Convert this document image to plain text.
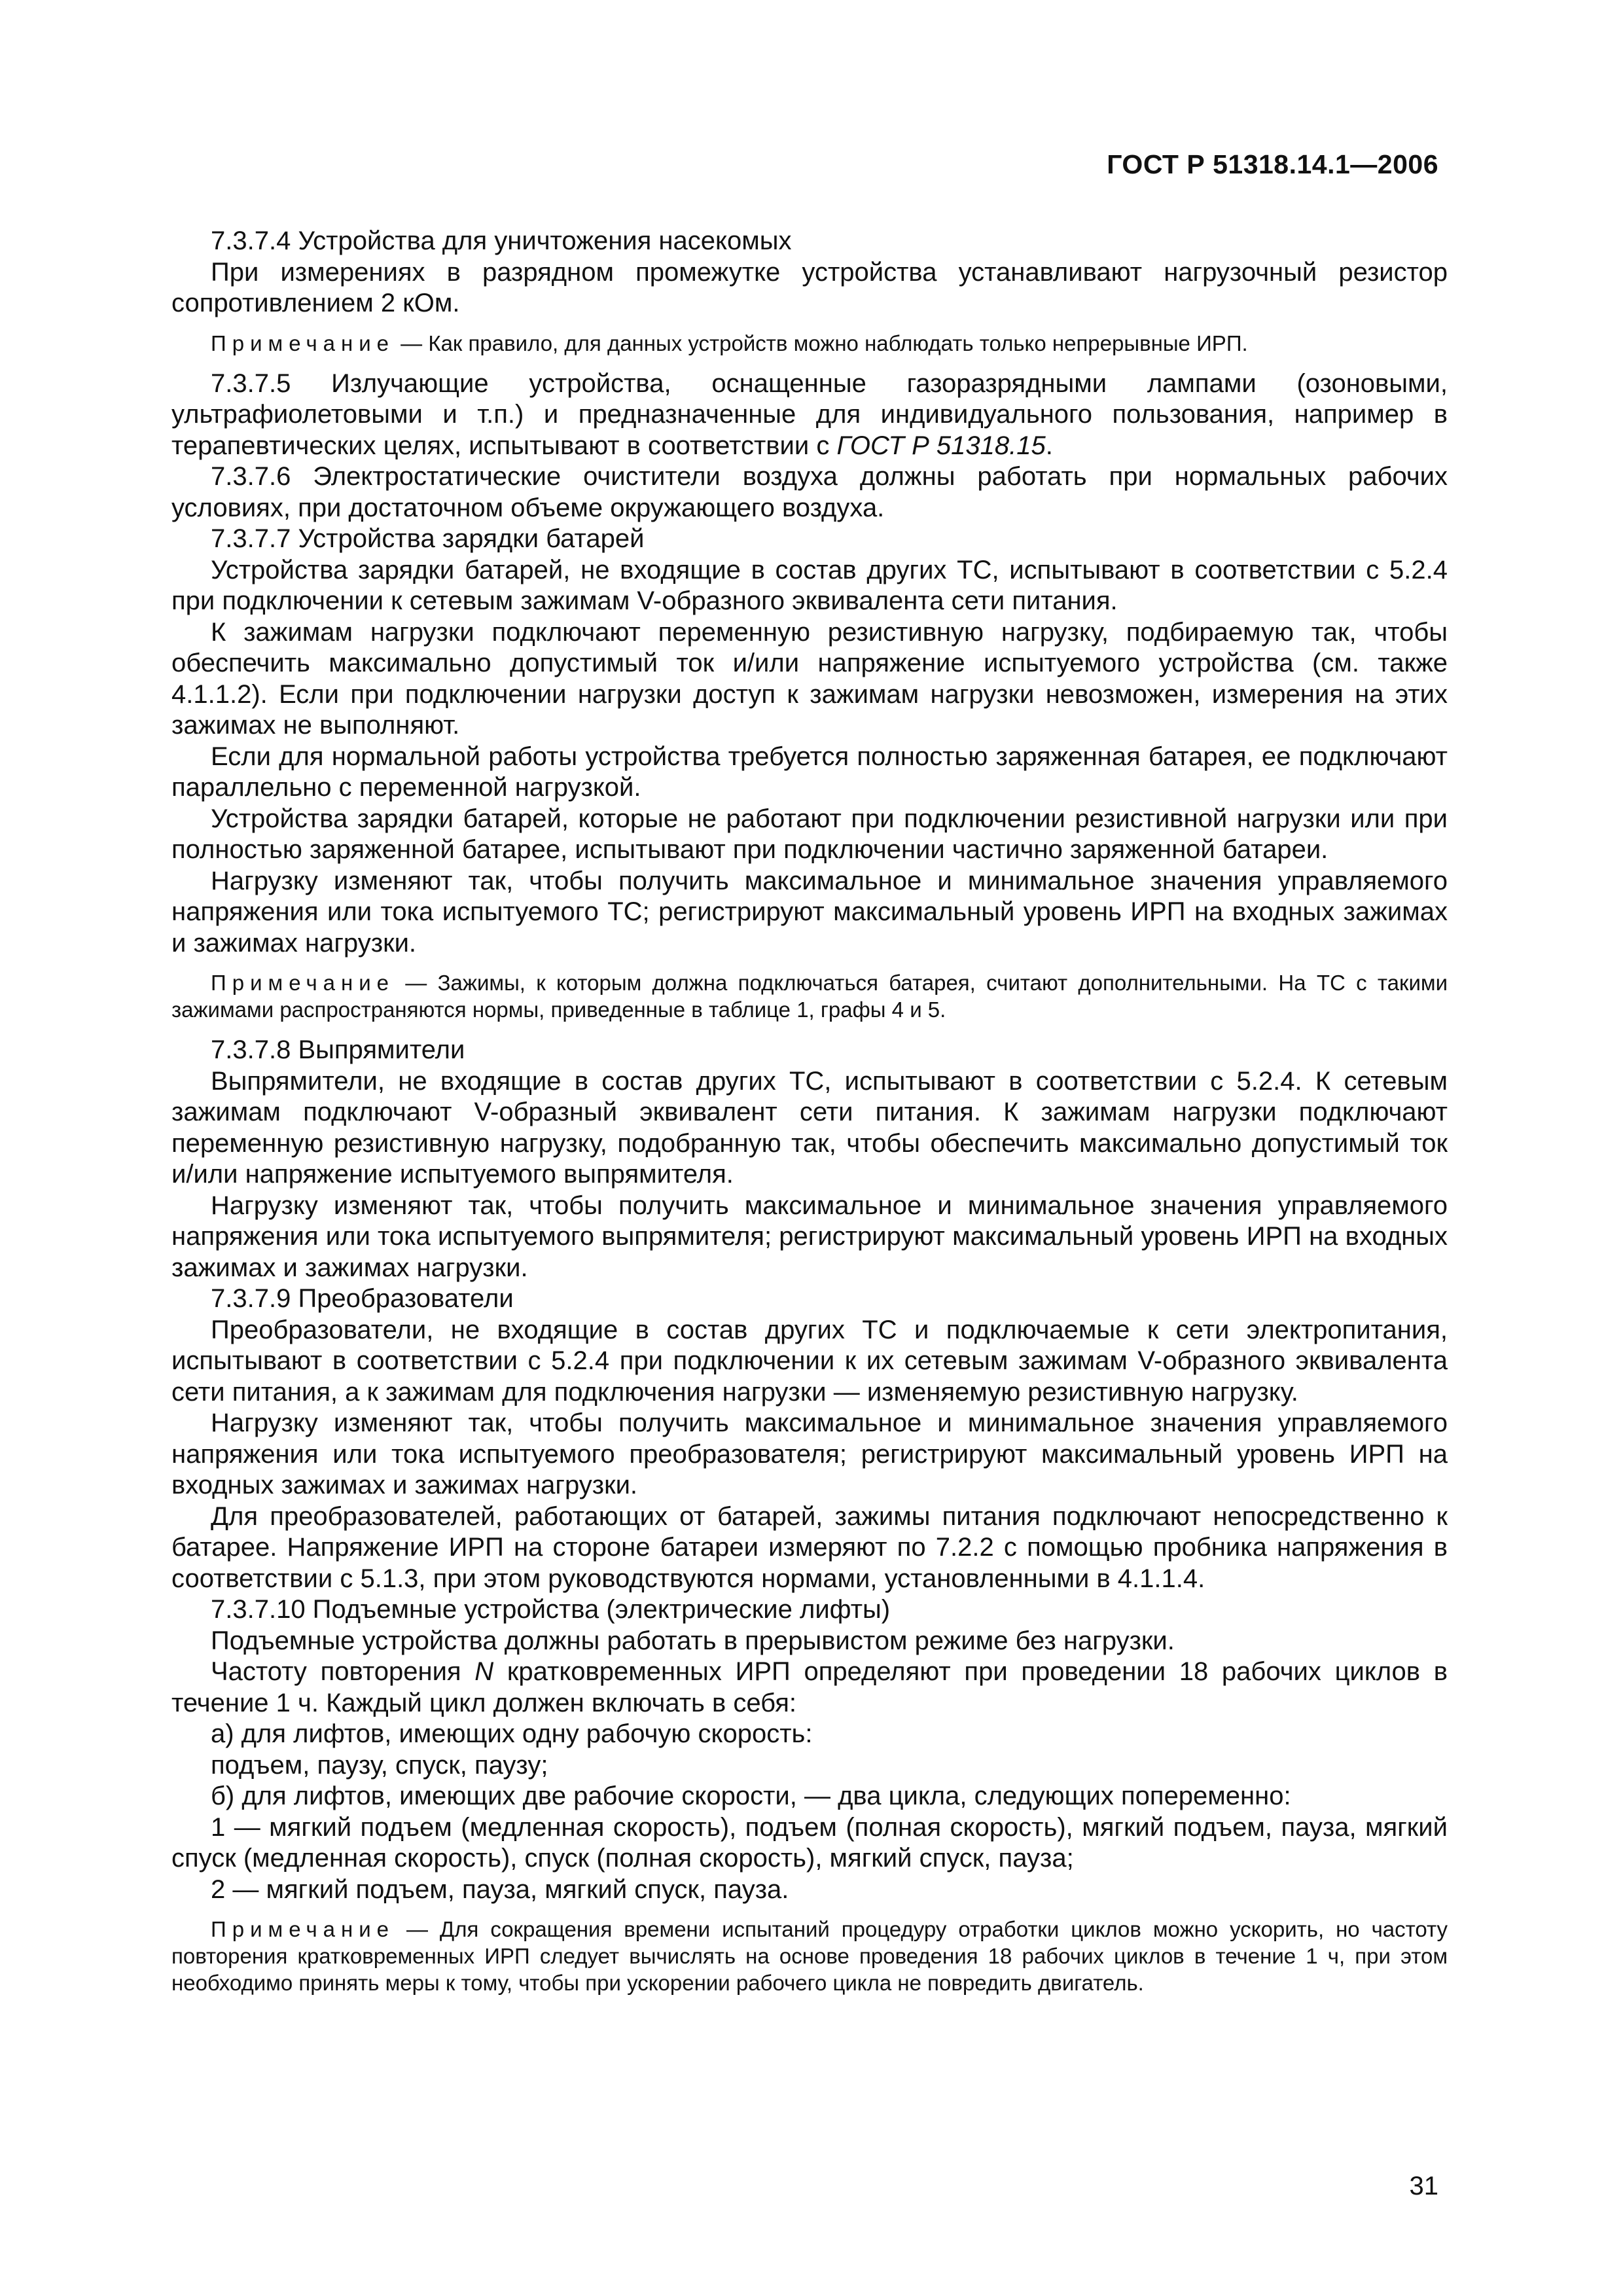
ГОСТ Р 51318.14.1—2006

7.3.7.4 Устройства для уничтожения насекомых

При измерениях в разрядном промежутке устройства устанавливают нагрузочный резистор сопротивлением 2 кОм.

Примечание — Как правило, для данных устройств можно наблюдать только непрерывные ИРП.

7.3.7.5 Излучающие устройства, оснащенные газоразрядными лампами (озоновыми, ультрафиолетовыми и т.п.) и предназначенные для индивидуального пользования, например в терапевтических целях, испытывают в соответствии с ГОСТ Р 51318.15.

7.3.7.6 Электростатические очистители воздуха должны работать при нормальных рабочих условиях, при достаточном объеме окружающего воздуха.

7.3.7.7 Устройства зарядки батарей

Устройства зарядки батарей, не входящие в состав других ТС, испытывают в соответствии с 5.2.4 при подключении к сетевым зажимам V-образного эквивалента сети питания.

К зажимам нагрузки подключают переменную резистивную нагрузку, подбираемую так, чтобы обеспечить максимально допустимый ток и/или напряжение испытуемого устройства (см. также 4.1.1.2). Если при подключении нагрузки доступ к зажимам нагрузки невозможен, измерения на этих зажимах не выполняют.

Если для нормальной работы устройства требуется полностью заряженная батарея, ее подключают параллельно с переменной нагрузкой.

Устройства зарядки батарей, которые не работают при подключении резистивной нагрузки или при полностью заряженной батарее, испытывают при подключении частично заряженной батареи.

Нагрузку изменяют так, чтобы получить максимальное и минимальное значения управляемого напряжения или тока испытуемого ТС; регистрируют максимальный уровень ИРП на входных зажимах и зажимах нагрузки.

Примечание — Зажимы, к которым должна подключаться батарея, считают дополнительными. На ТС с такими зажимами распространяются нормы, приведенные в таблице 1, графы 4 и 5.

7.3.7.8 Выпрямители

Выпрямители, не входящие в состав других ТС, испытывают в соответствии с 5.2.4. К сетевым зажимам подключают V-образный эквивалент сети питания. К зажимам нагрузки подключают переменную резистивную нагрузку, подобранную так, чтобы обеспечить максимально допустимый ток и/или напряжение испытуемого выпрямителя.

Нагрузку изменяют так, чтобы получить максимальное и минимальное значения управляемого напряжения или тока испытуемого выпрямителя; регистрируют максимальный уровень ИРП на входных зажимах и зажимах нагрузки.

7.3.7.9 Преобразователи

Преобразователи, не входящие в состав других ТС и подключаемые к сети электропитания, испытывают в соответствии с 5.2.4 при подключении к их сетевым зажимам V-образного эквивалента сети питания, а к зажимам для подключения нагрузки — изменяемую резистивную нагрузку.

Нагрузку изменяют так, чтобы получить максимальное и минимальное значения управляемого напряжения или тока испытуемого преобразователя; регистрируют максимальный уровень ИРП на входных зажимах и зажимах нагрузки.

Для преобразователей, работающих от батарей, зажимы питания подключают непосредственно к батарее. Напряжение ИРП на стороне батареи измеряют по 7.2.2 с помощью пробника напряжения в соответствии с 5.1.3, при этом руководствуются нормами, установленными в 4.1.1.4.

7.3.7.10 Подъемные устройства (электрические лифты)

Подъемные устройства должны работать в прерывистом режиме без нагрузки.

Частоту повторения N кратковременных ИРП определяют при проведении 18 рабочих циклов в течение 1 ч. Каждый цикл должен включать в себя:

а) для лифтов, имеющих одну рабочую скорость:

подъем, паузу, спуск, паузу;

б) для лифтов, имеющих две рабочие скорости, — два цикла, следующих попеременно:

1 — мягкий подъем (медленная скорость), подъем (полная скорость), мягкий подъем, пауза, мягкий спуск (медленная скорость), спуск (полная скорость), мягкий спуск, пауза;

2 — мягкий подъем, пауза, мягкий спуск, пауза.

Примечание — Для сокращения времени испытаний процедуру отработки циклов можно ускорить, но частоту повторения кратковременных ИРП следует вычислять на основе проведения 18 рабочих циклов в течение 1 ч, при этом необходимо принять меры к тому, чтобы при ускорении рабочего цикла не повредить двигатель.

31
